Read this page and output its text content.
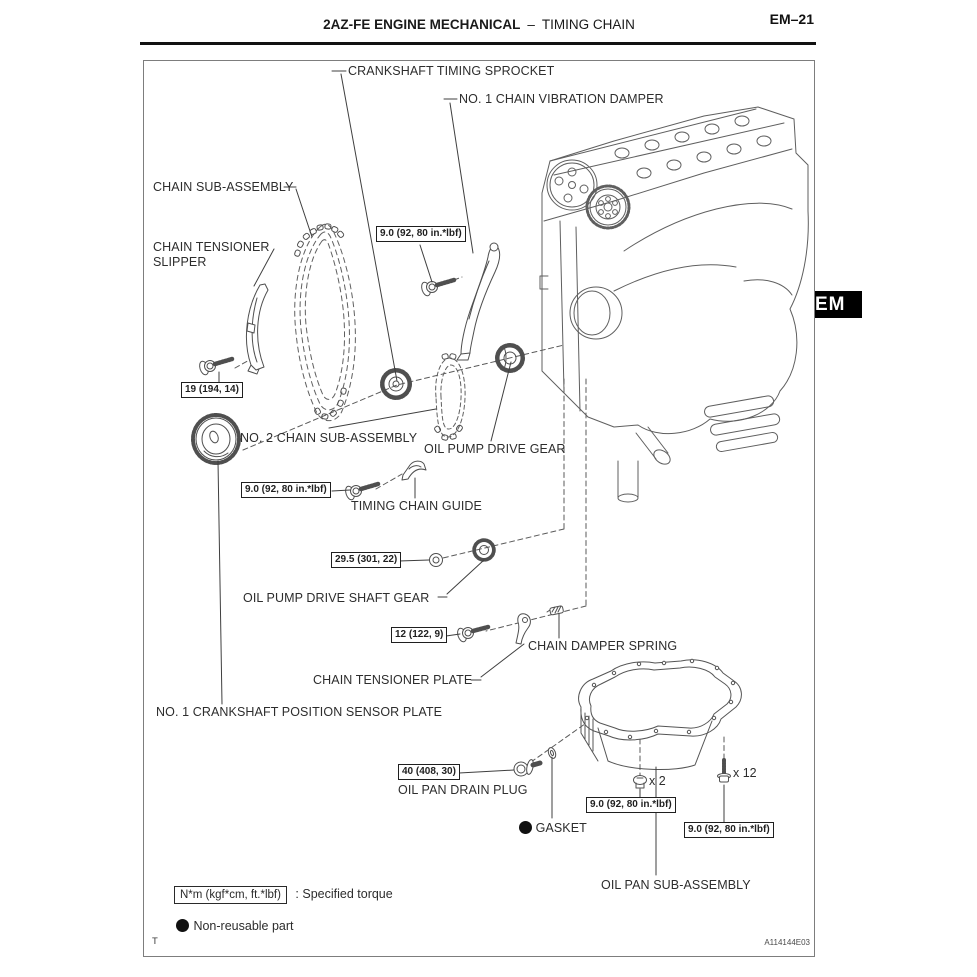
2AZ-FE ENGINE MECHANICAL – TIMING CHAIN	EM–21
EM
CRANKSHAFT TIMING SPROCKET
NO. 1 CHAIN VIBRATION DAMPER
CHAIN SUB-ASSEMBLY
CHAIN TENSIONER SLIPPER
NO. 2 CHAIN SUB-ASSEMBLY
OIL PUMP DRIVE GEAR
TIMING CHAIN GUIDE
OIL PUMP DRIVE SHAFT GEAR
CHAIN DAMPER SPRING
CHAIN TENSIONER PLATE
NO. 1 CRANKSHAFT POSITION SENSOR PLATE
OIL PAN DRAIN PLUG
GASKET
OIL PAN SUB-ASSEMBLY
x 2
x 12
9.0 (92, 80 in.*lbf)
19 (194, 14)
9.0 (92, 80 in.*lbf)
29.5 (301, 22)
12 (122, 9)
40 (408, 30)
9.0 (92, 80 in.*lbf)
9.0 (92, 80 in.*lbf)
N*m (kgf*cm, ft.*lbf) : Specified torque
Non-reusable part
T	A114144E03
